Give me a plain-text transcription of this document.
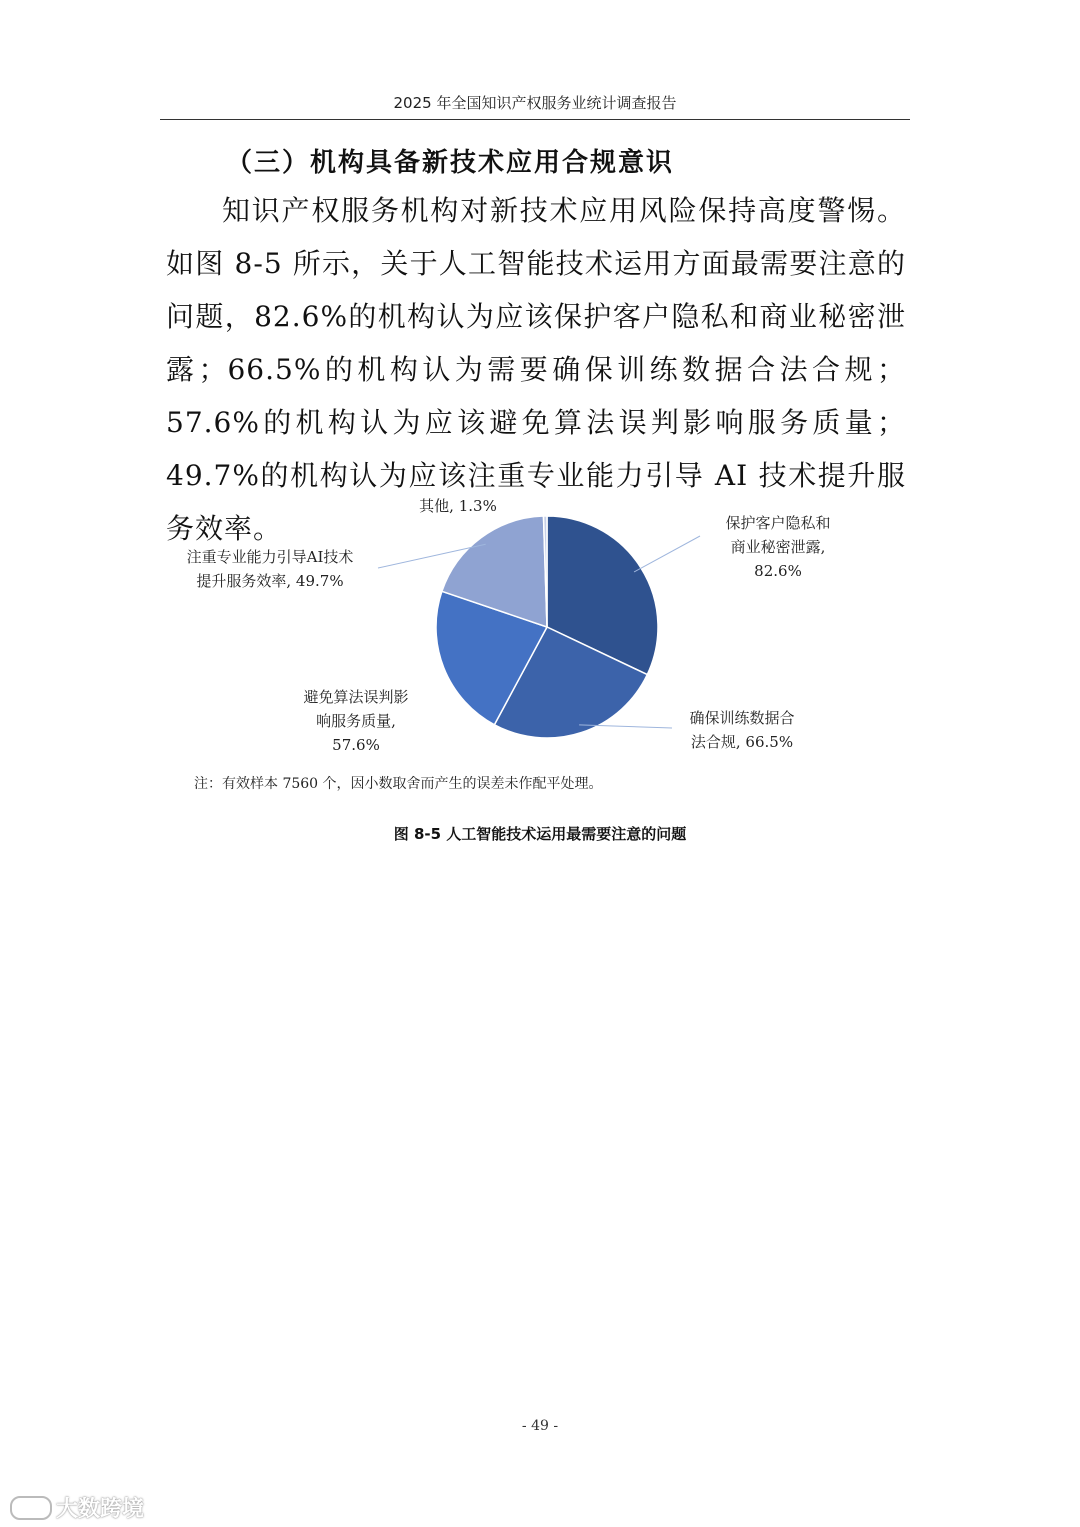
2025 年全国知识产权服务业统计调查报告
（三）机构具备新技术应用合规意识

知识产权服务机构对新技术应用风险保持高度警惕。如图 8-5 所示，关于人工智能技术运用方面最需要注意的问题，82.6%的机构认为应该保护客户隐私和商业秘密泄露；66.5%的机构认为需要确保训练数据合法合规；57.6%的机构认为应该避免算法误判影响服务质量；49.7%的机构认为应该注重专业能力引导 AI 技术提升服务效率。	保护客户隐私和商业秘密泄露, 82.6%
确保训练数据合法合规, 66.5%
避免算法误判影响服务质量, 57.6%
注重专业能力引导AI技术提升服务效率, 49.7%
其他, 1.3%
注：有效样本 7560 个，因小数取舍而产生的误差未作配平处理。
图 8-5 人工智能技术运用最需要注意的问题
- 49 -
大数跨境
